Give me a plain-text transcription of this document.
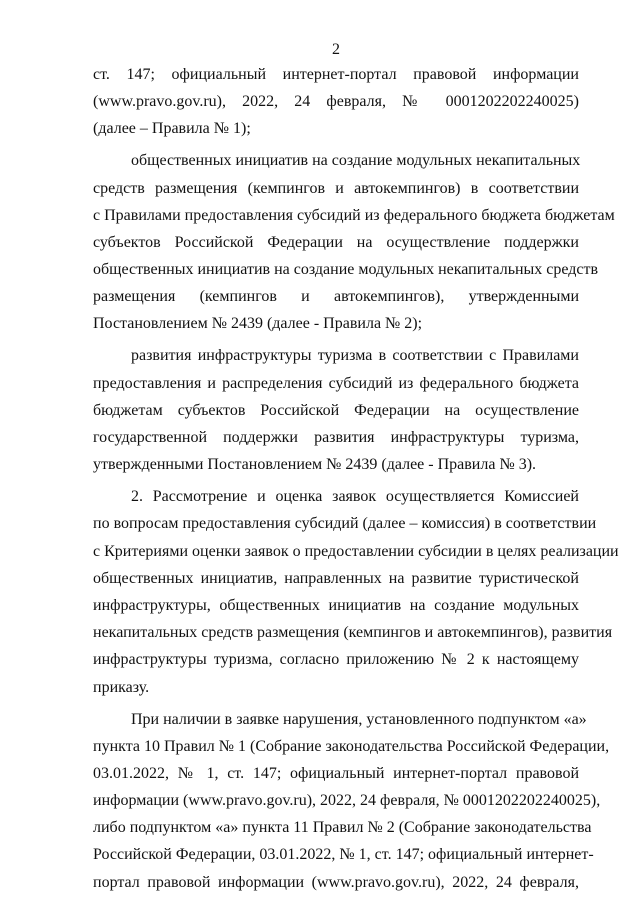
2
ст. 147; официальный интернет-портал правовой информации
(www.pravo.gov.ru), 2022, 24 февраля, № 0001202202240025)
(далее – Правила № 1);
общественных инициатив на создание модульных некапитальных
средств размещения (кемпингов и автокемпингов) в соответствии
с Правилами предоставления субсидий из федерального бюджета бюджетам
субъектов Российской Федерации на осуществление поддержки
общественных инициатив на создание модульных некапитальных средств
размещения (кемпингов и автокемпингов), утвержденными
Постановлением № 2439 (далее - Правила № 2);
развития инфраструктуры туризма в соответствии с Правилами
предоставления и распределения субсидий из федерального бюджета
бюджетам субъектов Российской Федерации на осуществление
государственной поддержки развития инфраструктуры туризма,
утвержденными Постановлением № 2439 (далее - Правила № 3).
2. Рассмотрение и оценка заявок осуществляется Комиссией
по вопросам предоставления субсидий (далее – комиссия) в соответствии
с Критериями оценки заявок о предоставлении субсидии в целях реализации
общественных инициатив, направленных на развитие туристической
инфраструктуры, общественных инициатив на создание модульных
некапитальных средств размещения (кемпингов и автокемпингов), развития
инфраструктуры туризма, согласно приложению № 2 к настоящему
приказу.
При наличии в заявке нарушения, установленного подпунктом «а»
пункта 10 Правил № 1 (Собрание законодательства Российской Федерации,
03.01.2022, № 1, ст. 147; официальный интернет-портал правовой
информации (www.pravo.gov.ru), 2022, 24 февраля, № 0001202202240025),
либо подпунктом «а» пункта 11 Правил № 2 (Собрание законодательства
Российской Федерации, 03.01.2022, № 1, ст. 147; официальный интернет-
портал правовой информации (www.pravo.gov.ru), 2022, 24 февраля,
